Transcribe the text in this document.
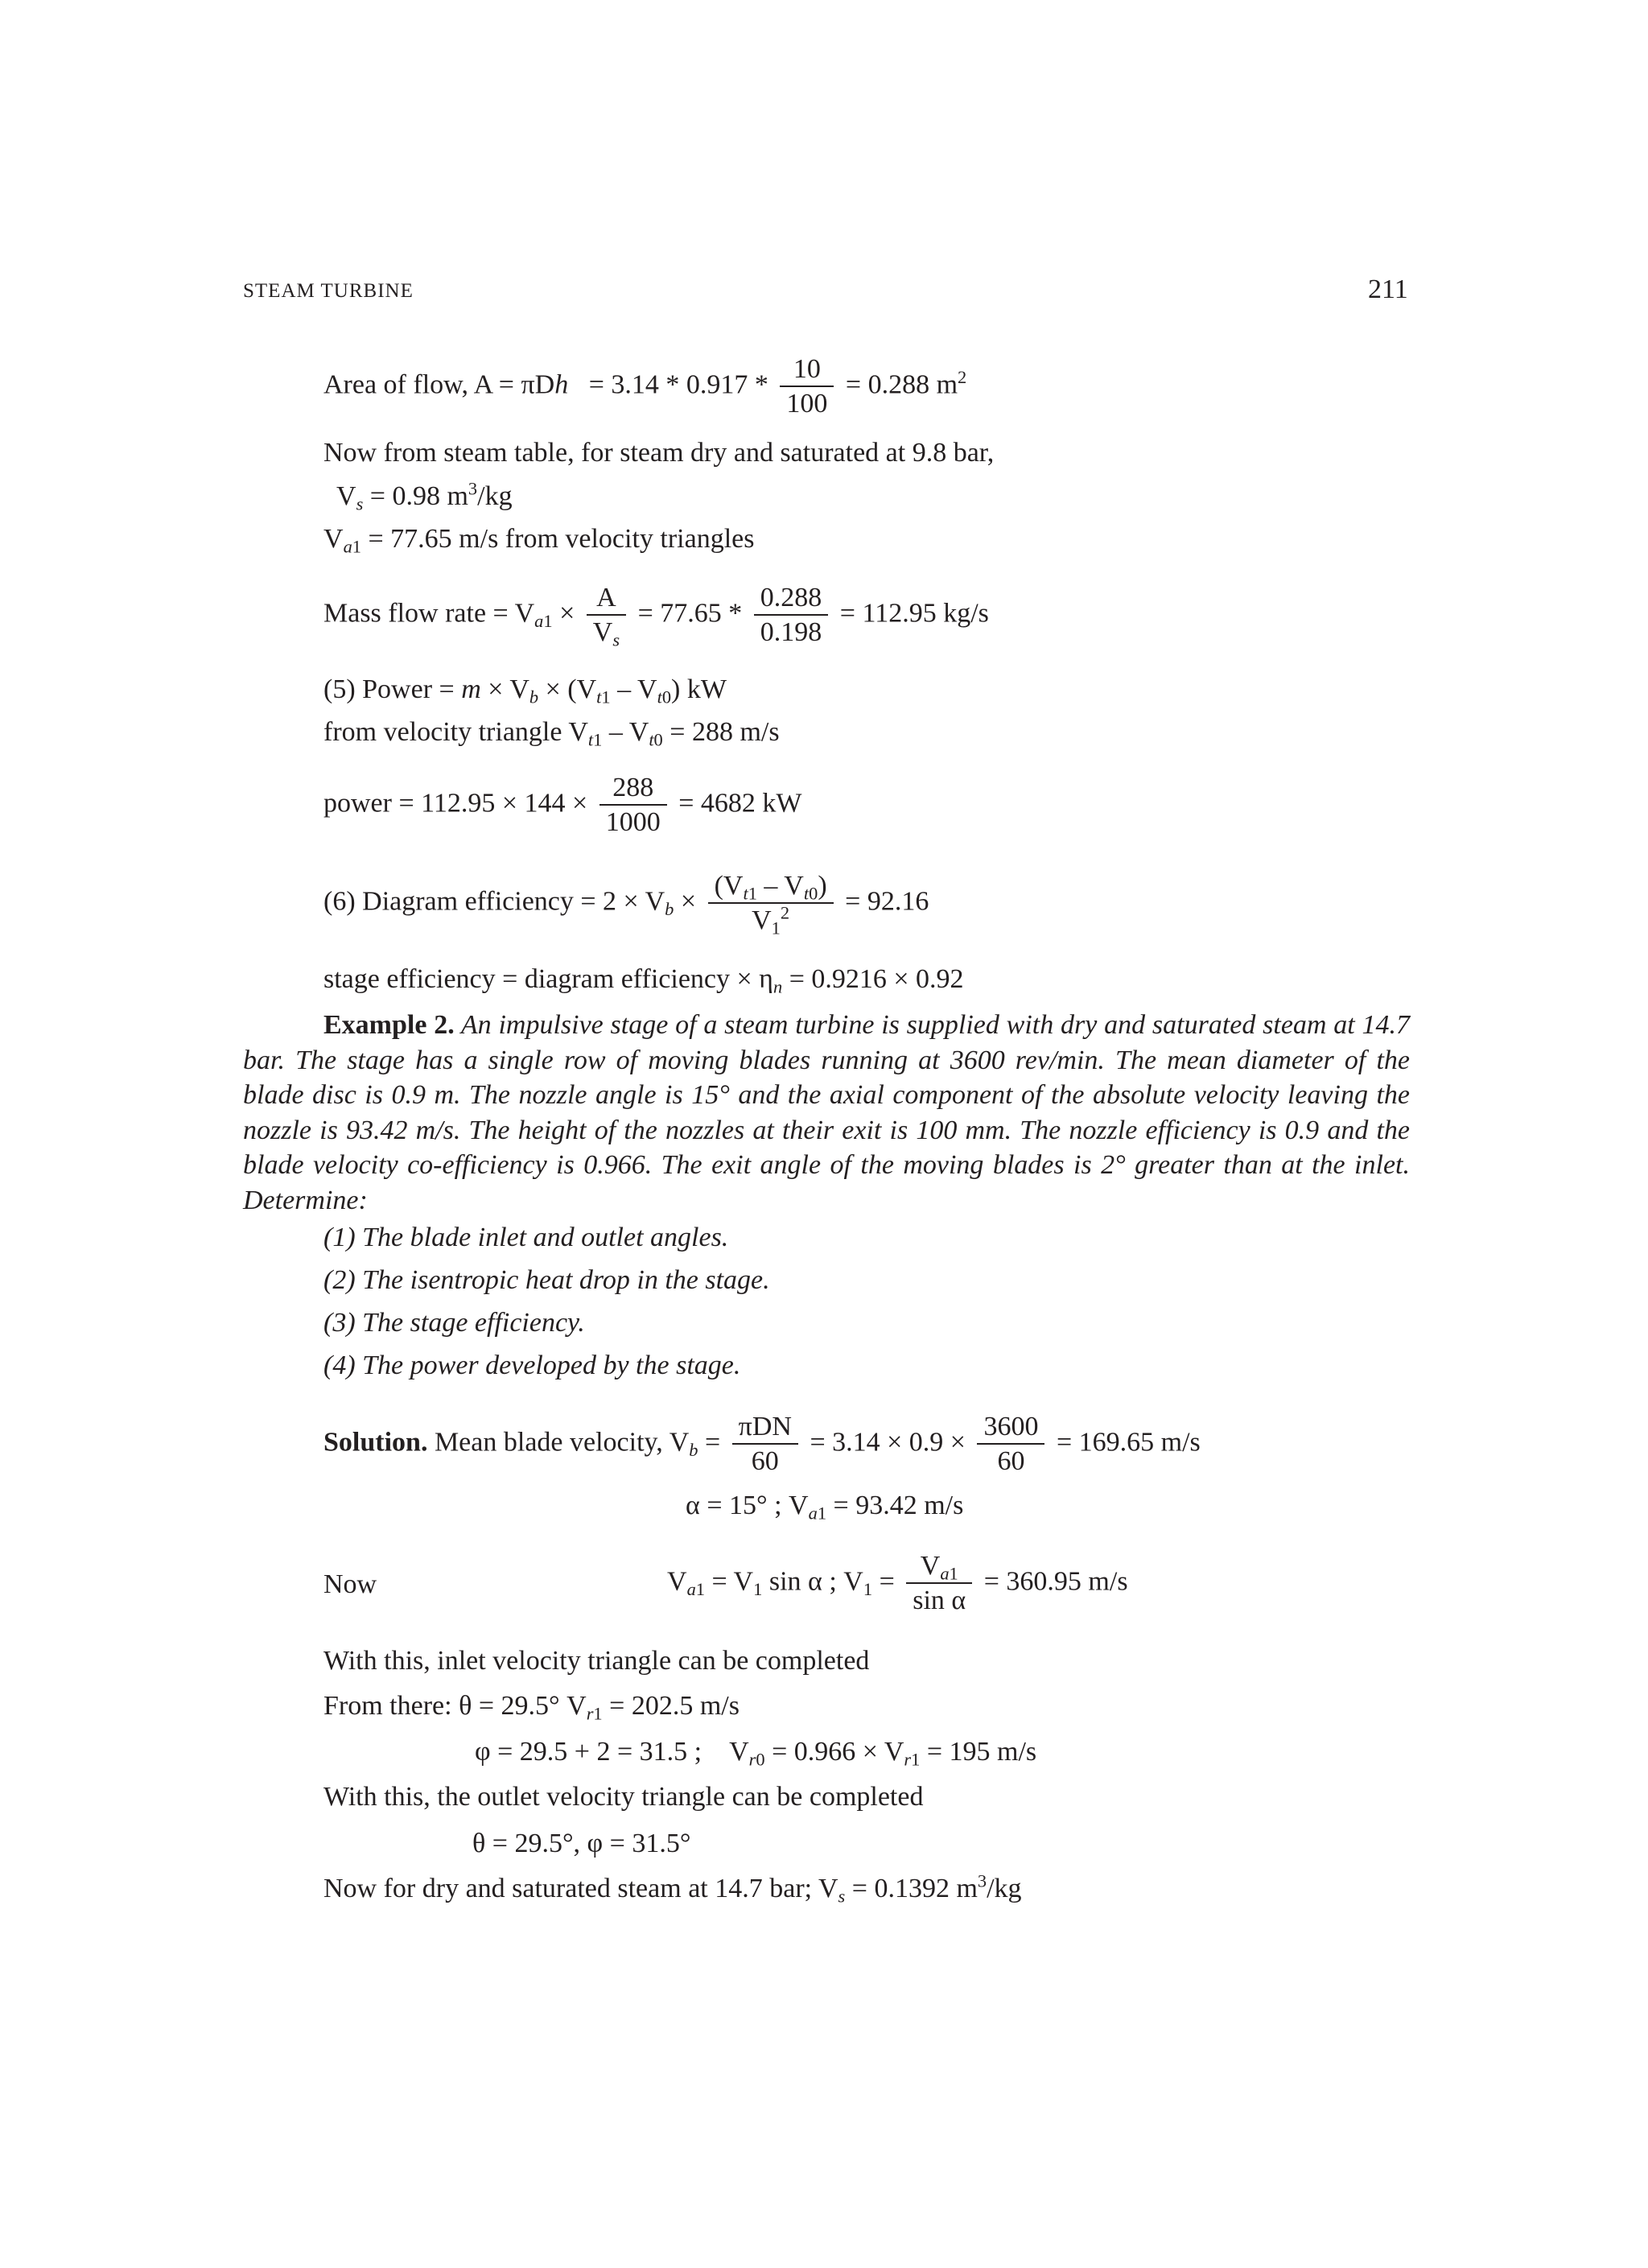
STEAM TURBINE	211
Area of flow, $A = \pi Dh = 3.14 * 0.917 * \frac{10}{100} = 0.288$ $m^2$
Now from steam table, for steam dry and saturated at 9.8 bar,
$V_s = 0.98$ $m^3/kg$
$V_{a1} = 77.65$ m/s from velocity triangles
Mass flow rate = $V_{a1} \times \frac{A}{V_s} = 77.65 * \frac{0.288}{0.198} = 112.95$ kg/s
(5) Power = $m \times V_b \times (V_{t1} - V_{t0})$ kW
from velocity triangle $V_{t1} - V_{t0} = 288$ m/s
power = $112.95 \times 144 \times \frac{288}{1000} = 4682$ kW
(6) Diagram efficiency = $2 \times V_b \times \frac{(V_{t1} - V_{t0})}{V_1^2} = 92.16$
stage efficiency = diagram efficiency × $\eta_n = 0.9216 \times 0.92$
Example 2. An impulsive stage of a steam turbine is supplied with dry and saturated steam at 14.7 bar. The stage has a single row of moving blades running at 3600 rev/min. The mean diameter of the blade disc is 0.9 m. The nozzle angle is 15° and the axial component of the absolute velocity leaving the nozzle is 93.42 m/s. The height of the nozzles at their exit is 100 mm. The nozzle efficiency is 0.9 and the blade velocity co-efficiency is 0.966. The exit angle of the moving blades is 2° greater than at the inlet. Determine:
(1) The blade inlet and outlet angles.
(2) The isentropic heat drop in the stage.
(3) The stage efficiency.
(4) The power developed by the stage.
Solution. Mean blade velocity, $V_b = \frac{\text{πDN}}{60} = 3.14 \times 0.9 \times \frac{3600}{60} = 169.65$ m/s
α = 15° ; $V_{a1} = 93.42$ m/s
Now	$V_{a1} = V_1$ sin α ; $V_1 = \frac{V_{a1}}{\text{sin α}} = 360.95$ m/s
With this, inlet velocity triangle can be completed
From there: θ = 29.5° $V_{r1} = 202.5$ m/s
φ = 29.5 + 2 = 31.5 ;    $V_{r0} = 0.966 \times V_{r1} = 195$ m/s
With this, the outlet velocity triangle can be completed
θ = 29.5°, φ = 31.5°
Now for dry and saturated steam at 14.7 bar; $V_s = 0.1392$ $m^3/kg$
